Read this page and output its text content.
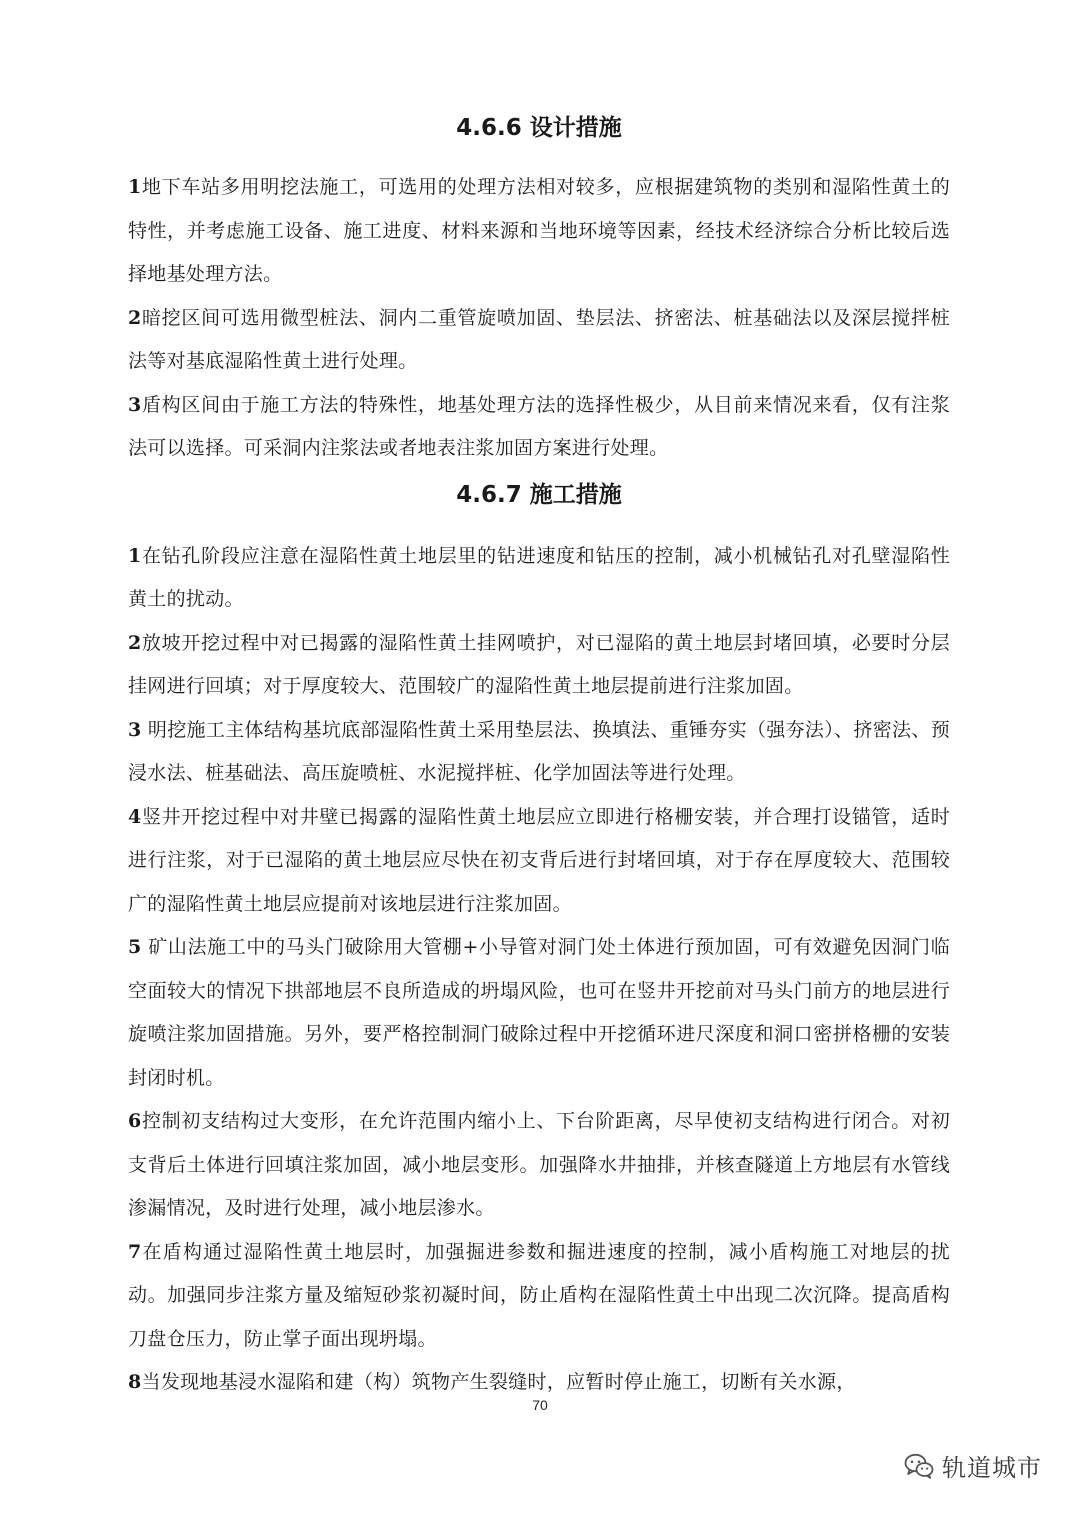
4.6.6 设计措施

1地下车站多用明挖法施工，可选用的处理方法相对较多，应根据建筑物的类别和湿陷性黄土的特性，并考虑施工设备、施工进度、材料来源和当地环境等因素，经技术经济综合分析比较后选择地基处理方法。

2暗挖区间可选用微型桩法、洞内二重管旋喷加固、垫层法、挤密法、桩基础法以及深层搅拌桩法等对基底湿陷性黄土进行处理。

3盾构区间由于施工方法的特殊性，地基处理方法的选择性极少，从目前来情况来看，仅有注浆法可以选择。可采洞内注浆法或者地表注浆加固方案进行处理。

4.6.7 施工措施

1在钻孔阶段应注意在湿陷性黄土地层里的钻进速度和钻压的控制，减小机械钻孔对孔壁湿陷性黄土的扰动。

2放坡开挖过程中对已揭露的湿陷性黄土挂网喷护，对已湿陷的黄土地层封堵回填，必要时分层挂网进行回填；对于厚度较大、范围较广的湿陷性黄土地层提前进行注浆加固。

3 明挖施工主体结构基坑底部湿陷性黄土采用垫层法、换填法、重锤夯实（强夯法）、挤密法、预浸水法、桩基础法、高压旋喷桩、水泥搅拌桩、化学加固法等进行处理。

4竖井开挖过程中对井壁已揭露的湿陷性黄土地层应立即进行格栅安装，并合理打设锚管，适时进行注浆，对于已湿陷的黄土地层应尽快在初支背后进行封堵回填，对于存在厚度较大、范围较广的湿陷性黄土地层应提前对该地层进行注浆加固。

5 矿山法施工中的马头门破除用大管棚+小导管对洞门处土体进行预加固，可有效避免因洞门临空面较大的情况下拱部地层不良所造成的坍塌风险，也可在竖井开挖前对马头门前方的地层进行旋喷注浆加固措施。另外，要严格控制洞门破除过程中开挖循环进尺深度和洞口密拼格栅的安装封闭时机。

6控制初支结构过大变形，在允许范围内缩小上、下台阶距离，尽早使初支结构进行闭合。对初支背后土体进行回填注浆加固，减小地层变形。加强降水井抽排，并核查隧道上方地层有水管线渗漏情况，及时进行处理，减小地层渗水。

7在盾构通过湿陷性黄土地层时，加强掘进参数和掘进速度的控制，减小盾构施工对地层的扰动。加强同步注浆方量及缩短砂浆初凝时间，防止盾构在湿陷性黄土中出现二次沉降。提高盾构刀盘仓压力，防止掌子面出现坍塌。

8当发现地基浸水湿陷和建（构）筑物产生裂缝时，应暂时停止施工，切断有关水源，

70
轨道城市
